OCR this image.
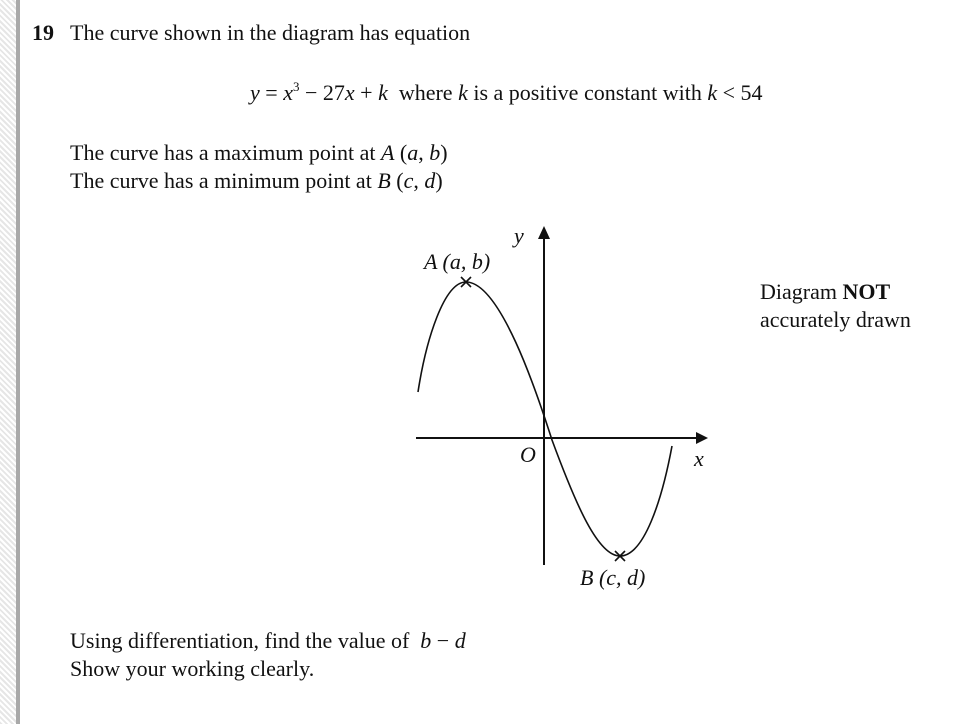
19 The curve shown in the diagram has equation
$y = x^3 - 27x + k$  where k is a positive constant with k < 54
The curve has a maximum point at A (a, b)
The curve has a minimum point at B (c, d)
y
x
O
A (a, b)
B (c, d)
Diagram NOT
accurately drawn
Using differentiation, find the value of  b − d
Show your working clearly.
